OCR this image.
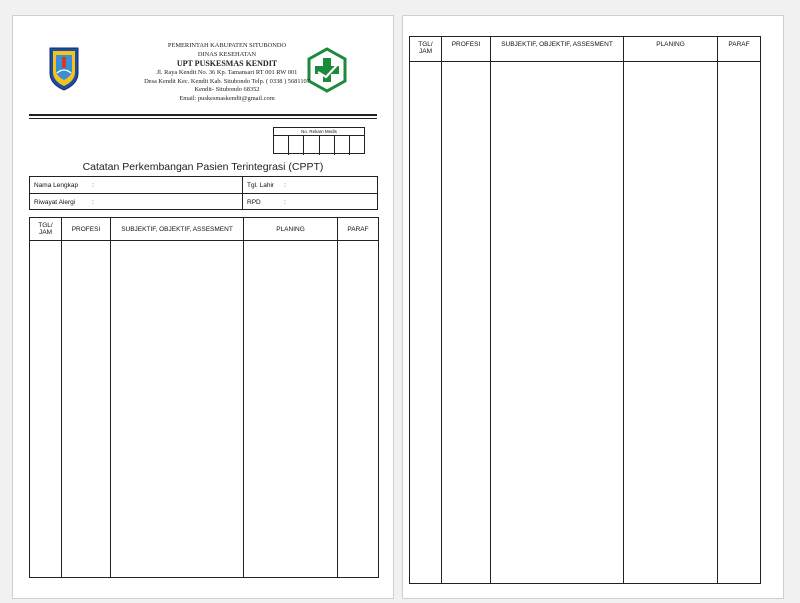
PEMERINTAH KABUPATEN SITUBONDO
DINAS KESEHATAN
UPT PUSKESMAS KENDIT
Jl. Raya Kendit No. 36 Kp. Tamansari RT 001 RW 001
Desa Kendit Kec. Kendit Kab. Situbondo Telp. ( 0338 ) 5681107
Kendit- Situbondo 68352
Email: puskesmaskendit@gmail.com
No. Rekam Medis
Catatan Perkembangan Pasien Terintegrasi (CPPT)
Nama Lengkap :	Tgl. Lahir :
Riwayat Alergi	:	RPD	:
TGL/ JAM	PROFESI	SUBJEKTIF, OBJEKTIF, ASSESMENT	PLANING	PARAF

TGL/ JAM	PROFESI	SUBJEKTIF, OBJEKTIF, ASSESMENT	PLANING	PARAF
